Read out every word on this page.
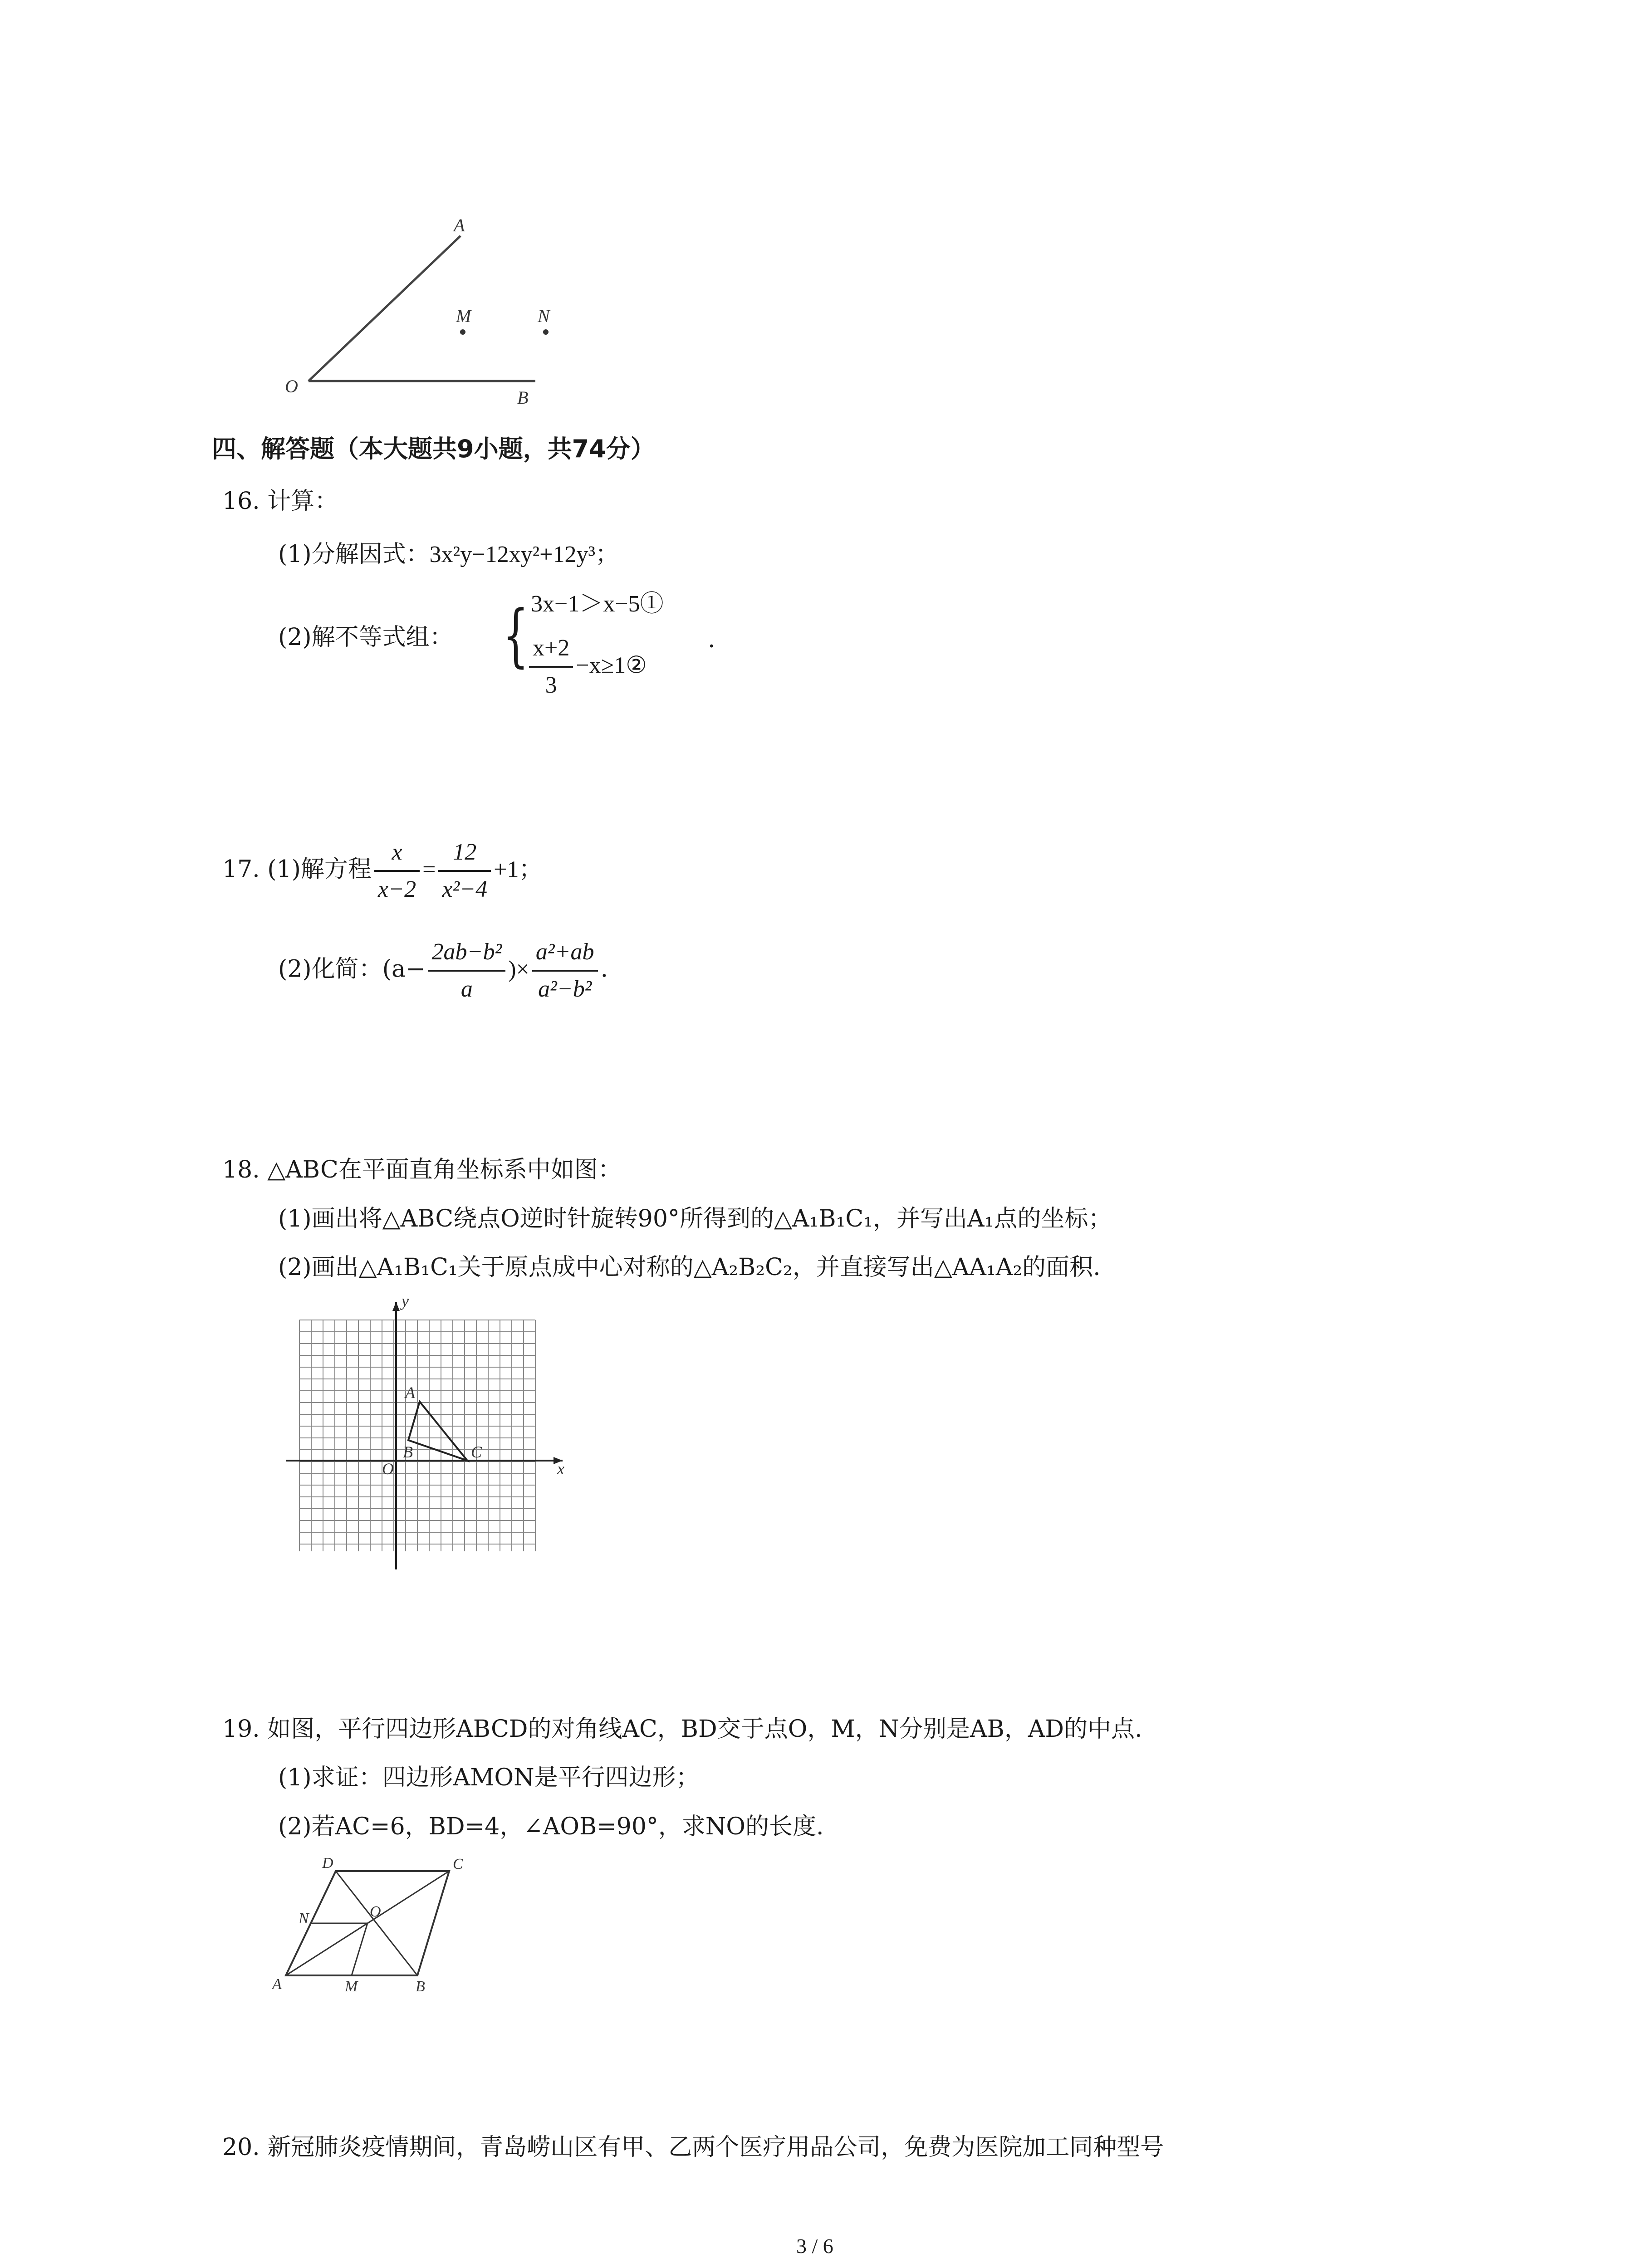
A
M	N
O
B
四、解答题（本大题共9小题，共74分）
16. 计算：
(1)分解因式：3x²y−12xy²+12y³；
(2)解不等式组： { 3x−1＞x−5①
$\frac{x+2}{3}$ −x≥1②
.
17. (1)解方程 $\frac{x}{x-2} = \frac{12}{\text{x²−4}} +1$；
(2)化简：($a- \frac{\text{2ab−b²}}{a}$ )× $\frac{\text{a²+ab}}{\text{a²−b²}}$ .
18. △ABC在平面直角坐标系中如图：
(1)画出将△ABC绕点O逆时针旋转90°所得到的△A₁B₁C₁，并写出A₁点的坐标；
(2)画出△A₁B₁C₁关于原点成中心对称的△A₂B₂C₂，并直接写出△AA₁A₂的面积.
A
B	C
O	x
y
19. 如图，平行四边形ABCD的对角线AC，BD交于点O，M，N分别是AB，AD的中点.
(1)求证：四边形AMON是平行四边形；
(2)若AC=6，BD=4，∠AOB=90°，求NO的长度.
D	C
N	O
A	M	B
20. 新冠肺炎疫情期间，青岛崂山区有甲、乙两个医疗用品公司，免费为医院加工同种型号
3 / 6
